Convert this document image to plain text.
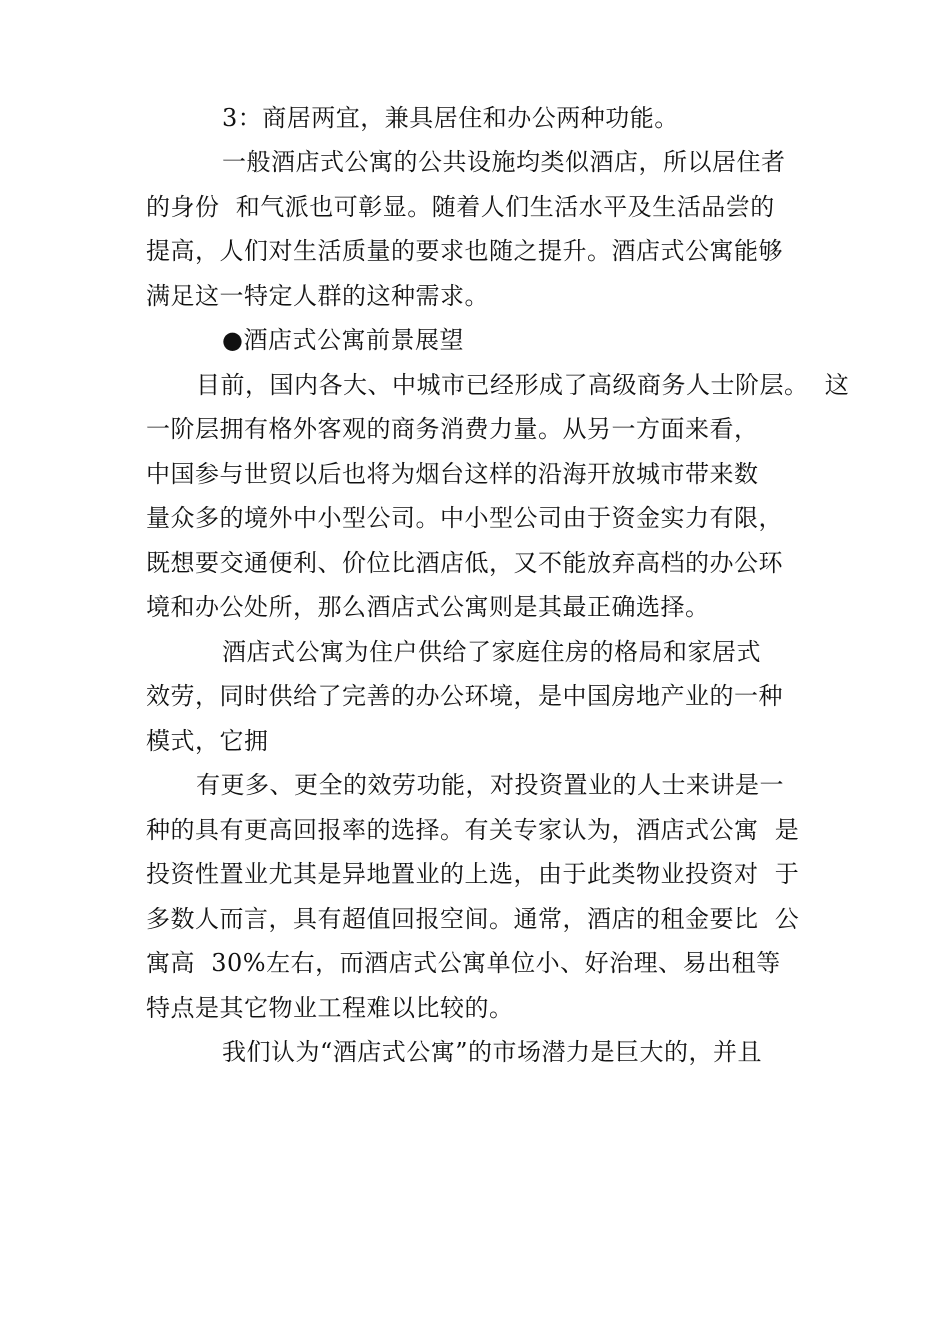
3：商居两宜，兼具居住和办公两种功能。
一般酒店式公寓的公共设施均类似酒店，所以居住者
的身份  和气派也可彰显。随着人们生活水平及生活品尝的
提高，人们对生活质量的要求也随之提升。酒店式公寓能够
满足这一特定人群的这种需求。
●酒店式公寓前景展望
目前，国内各大、中城市已经形成了高级商务人士阶层。  这
一阶层拥有格外客观的商务消费力量。从另一方面来看，
中国参与世贸以后也将为烟台这样的沿海开放城市带来数
量众多的境外中小型公司。中小型公司由于资金实力有限，
既想要交通便利、价位比酒店低，又不能放弃高档的办公环
境和办公处所，那么酒店式公寓则是其最正确选择。
酒店式公寓为住户供给了家庭住房的格局和家居式
效劳，同时供给了完善的办公环境，是中国房地产业的一种
模式，它拥
有更多、更全的效劳功能，对投资置业的人士来讲是一
种的具有更高回报率的选择。有关专家认为，酒店式公寓  是
投资性置业尤其是异地置业的上选，由于此类物业投资对  于
多数人而言，具有超值回报空间。通常，酒店的租金要比  公
寓高  30%左右，而酒店式公寓单位小、好治理、易出租等
特点是其它物业工程难以比较的。
我们认为“酒店式公寓”的市场潜力是巨大的，并且
